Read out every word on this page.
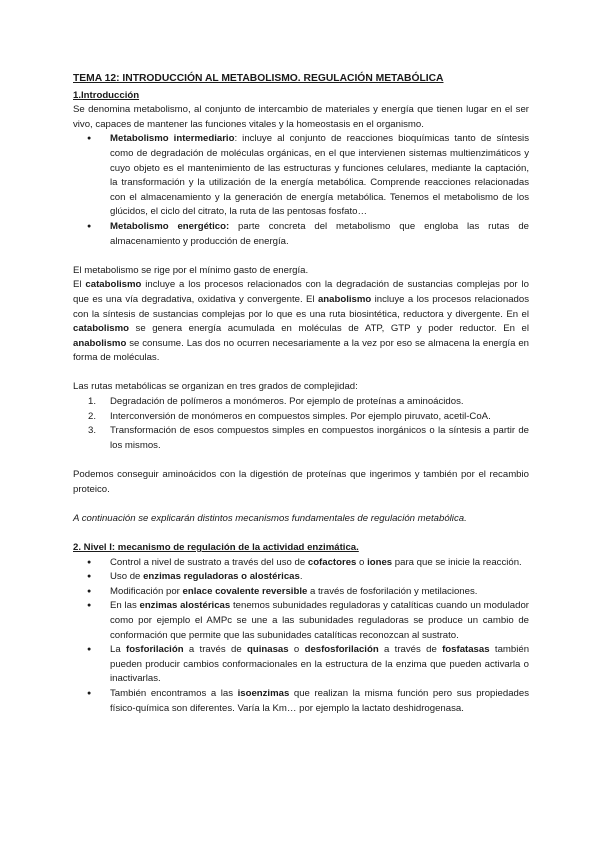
TEMA 12: INTRODUCCIÓN AL METABOLISMO. REGULACIÓN METABÓLICA
1.Introducción

Se denomina metabolismo, al conjunto de intercambio de materiales y energía que tienen lugar en el ser vivo, capaces de mantener las funciones vitales y la homeostasis en el organismo.

● Metabolismo intermediario: incluye al conjunto de reacciones bioquímicas tanto de síntesis como de degradación de moléculas orgánicas, en el que intervienen sistemas multienzimáticos y cuyo objeto es el mantenimiento de las estructuras y funciones celulares, mediante la captación, la transformación y la utilización de la energía metabólica. Comprende reacciones relacionadas con el almacenamiento y la generación de energía metabólica. Tenemos el metabolismo de los glúcidos, el ciclo del citrato, la ruta de las pentosas fosfato…
● Metabolismo energético: parte concreta del metabolismo que engloba las rutas de almacenamiento y producción de energía.

El metabolismo se rige por el mínimo gasto de energía.

El catabolismo incluye a los procesos relacionados con la degradación de sustancias complejas por lo que es una vía degradativa, oxidativa y convergente. El anabolismo incluye a los procesos relacionados con la síntesis de sustancias complejas por lo que es una ruta biosintética, reductora y divergente. En el catabolismo se genera energía acumulada en moléculas de ATP, GTP y poder reductor. En el anabolismo se consume. Las dos no ocurren necesariamente a la vez por eso se almacena la energía en forma de moléculas.

Las rutas metabólicas se organizan en tres grados de complejidad:

1. Degradación de polímeros a monómeros. Por ejemplo de proteínas a aminoácidos.
2. Interconversión de monómeros en compuestos simples. Por ejemplo piruvato, acetil-CoA.
3. Transformación de esos compuestos simples en compuestos inorgánicos o la síntesis a partir de los mismos.

Podemos conseguir aminoácidos con la digestión de proteínas que ingerimos y también por el recambio proteico.

A continuación se explicarán distintos mecanismos fundamentales de regulación metabólica.

2. Nivel I: mecanismo de regulación de la actividad enzimática.
● Control a nivel de sustrato a través del uso de cofactores o iones para que se inicie la reacción.
● Uso de enzimas reguladoras o alostéricas.
● Modificación por enlace covalente reversible a través de fosforilación y metilaciones.
● En las enzimas alostéricas tenemos subunidades reguladoras y catalíticas cuando un modulador como por ejemplo el AMPc se une a las subunidades reguladoras se produce un cambio de conformación que permite que las subunidades catalíticas reconozcan al sustrato.
● La fosforilación a través de quinasas o desfosforilación a través de fosfatasas también pueden producir cambios conformacionales en la estructura de la enzima que pueden activarla o inactivarlas.
● También encontramos a las isoenzimas que realizan la misma función pero sus propiedades físico-química son diferentes. Varía la Km… por ejemplo la lactato deshidrogenasa.
